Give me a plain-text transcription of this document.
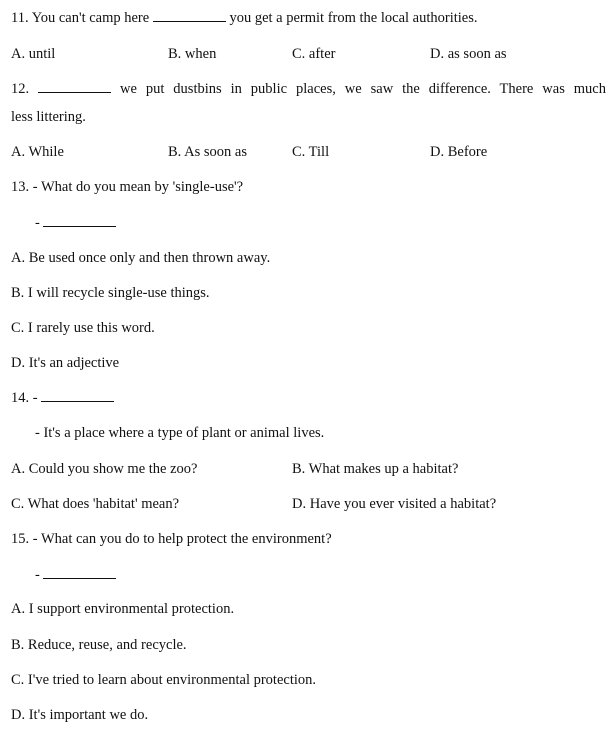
11. You can't camp here	you get a permit from the local authorities.
A. until	B. when	C. after	D. as soon as
12.	we put dustbins in public places, we saw the difference. There was much
less littering.
A. While	B. As soon as	C. Till	D. Before
13. - What do you mean by 'single-use'?
-
A. Be used once only and then thrown away.
B. I will recycle single-use things.
C. I rarely use this word.
D. It's an adjective
14. -
- It's a place where a type of plant or animal lives.
A. Could you show me the zoo?	B. What makes up a habitat?
C. What does 'habitat' mean?	D. Have you ever visited a habitat?
15. - What can you do to help protect the environment?
-
A. I support environmental protection.
B. Reduce, reuse, and recycle.
C. I've tried to learn about environmental protection.
D. It's important we do.
